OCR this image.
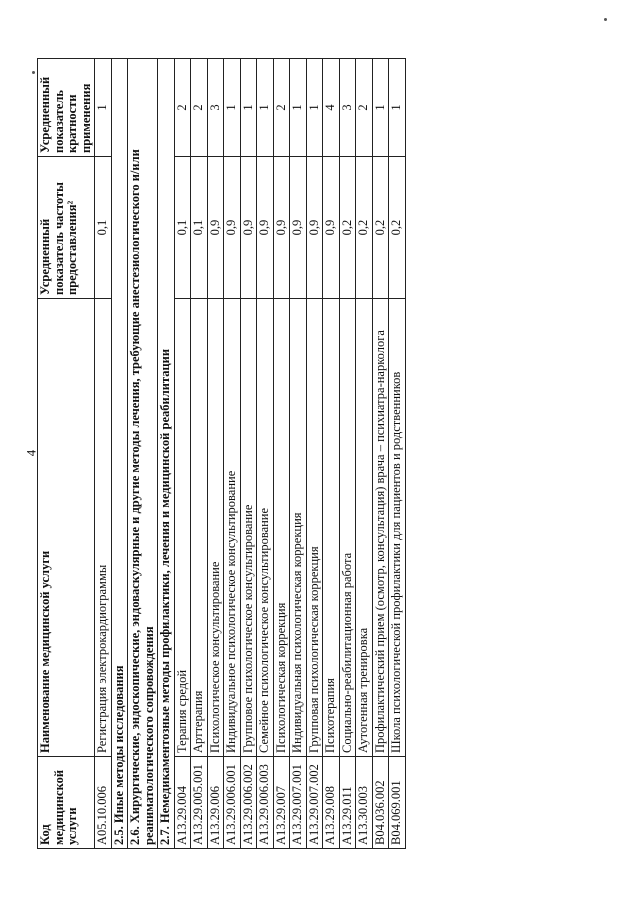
4
Код медицинской услуги	Наименование медицинской услуги	Усредненный показатель частоты предоставления²	Усредненный показатель кратности применения
A05.10.006	Регистрация электрокардиограммы	0,1	1
2.5. Иные методы исследования			
2.6. Хирургические, эндоскопические, эндоваскулярные и другие методы лечения, требующие анестезиологического и/или реаниматологического сопровождения			
2.7. Немедикаментозные методы профилактики, лечения и медицинской реабилитации			
A13.29.004	Терапия средой	0,1	2
A13.29.005.001	Арттерапия	0,1	2
A13.29.006	Психологическое консультирование	0,9	3
A13.29.006.001	Индивидуальное психологическое консультирование	0,9	1
A13.29.006.002	Групповое психологическое консультирование	0,9	1
A13.29.006.003	Семейное психологическое консультирование	0,9	1
A13.29.007	Психологическая коррекция	0,9	2
A13.29.007.001	Индивидуальная психологическая коррекция	0,9	1
A13.29.007.002	Групповая психологическая коррекция	0,9	1
A13.29.008	Психотерапия	0,9	4
A13.29.011	Социально-реабилитационная работа	0,2	3
A13.30.003	Аутогенная тренировка	0,2	2
B04.036.002	Профилактический прием (осмотр, консультация) врача – психиатра-нарколога	0,2	1
B04.069.001	Школа психологической профилактики для пациентов и родственников	0,2	1
